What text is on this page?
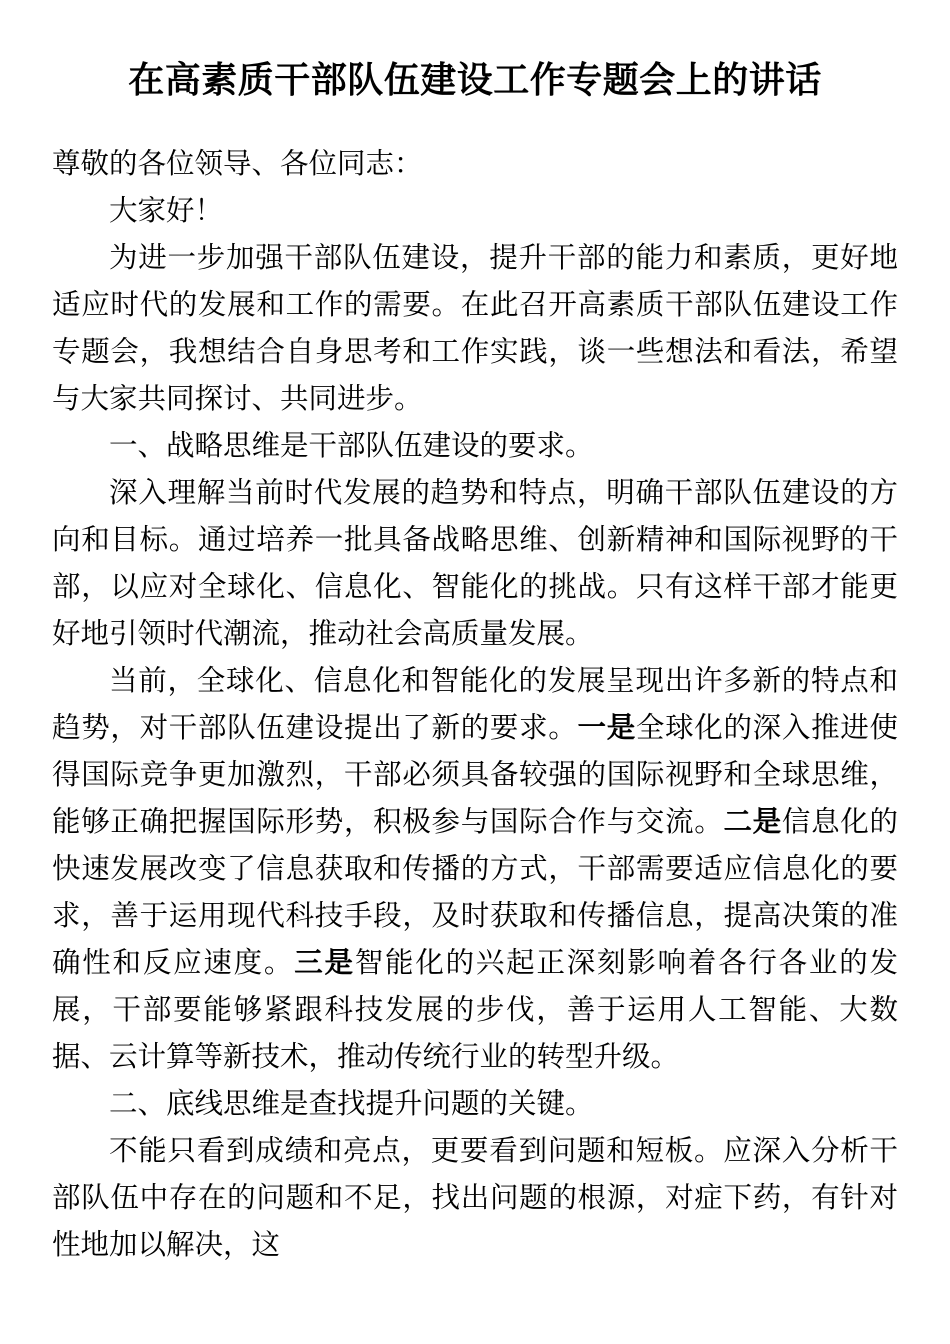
在高素质干部队伍建设工作专题会上的讲话

尊敬的各位领导、各位同志：

大家好！

为进一步加强干部队伍建设，提升干部的能力和素质，更好地适应时代的发展和工作的需要。在此召开高素质干部队伍建设工作专题会，我想结合自身思考和工作实践，谈一些想法和看法，希望与大家共同探讨、共同进步。

一、战略思维是干部队伍建设的要求。

深入理解当前时代发展的趋势和特点，明确干部队伍建设的方向和目标。通过培养一批具备战略思维、创新精神和国际视野的干部，以应对全球化、信息化、智能化的挑战。只有这样干部才能更好地引领时代潮流，推动社会高质量发展。

当前，全球化、信息化和智能化的发展呈现出许多新的特点和趋势，对干部队伍建设提出了新的要求。一是全球化的深入推进使得国际竞争更加激烈，干部必须具备较强的国际视野和全球思维，能够正确把握国际形势，积极参与国际合作与交流。二是信息化的快速发展改变了信息获取和传播的方式，干部需要适应信息化的要求，善于运用现代科技手段，及时获取和传播信息，提高决策的准确性和反应速度。三是智能化的兴起正深刻影响着各行各业的发展，干部要能够紧跟科技发展的步伐，善于运用人工智能、大数据、云计算等新技术，推动传统行业的转型升级。

二、底线思维是查找提升问题的关键。

不能只看到成绩和亮点，更要看到问题和短板。应深入分析干部队伍中存在的问题和不足，找出问题的根源，对症下药，有针对性地加以解决，这
